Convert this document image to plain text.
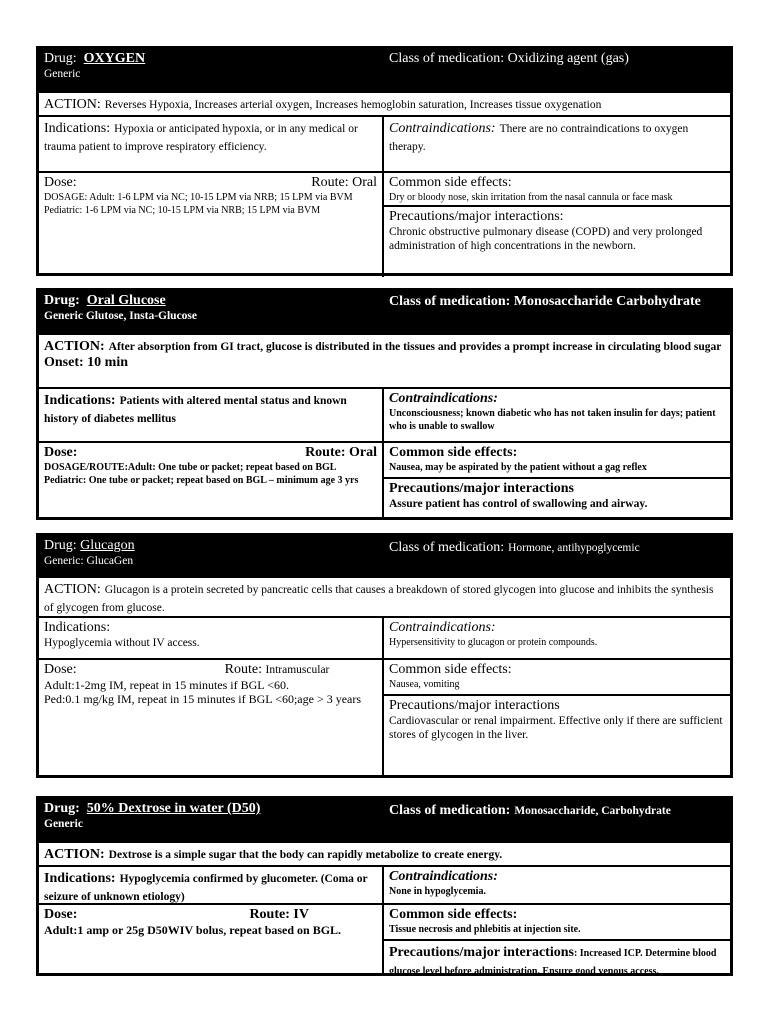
Drug: OXYGEN
Generic
Class of medication: Oxidizing agent (gas)
ACTION: Reverses Hypoxia, Increases arterial oxygen, Increases hemoglobin saturation, Increases tissue oxygenation
Indications: Hypoxia or anticipated hypoxia, or in any medical or trauma patient to improve respiratory efficiency.
Contraindications: There are no contraindications to oxygen therapy.
Dose:	Route: Oral
DOSAGE: Adult: 1-6 LPM via NC; 10-15 LPM via NRB; 15 LPM via BVM
Pediatric: 1-6 LPM via NC; 10-15 LPM via NRB; 15 LPM via BVM
Common side effects:
Dry or bloody nose, skin irritation from the nasal cannula or face mask
Precautions/major interactions:
Chronic obstructive pulmonary disease (COPD) and very prolonged administration of high concentrations in the newborn.
Drug: Oral Glucose
Generic Glutose, Insta-Glucose
Class of medication: Monosaccharide Carbohydrate
ACTION: After absorption from GI tract, glucose is distributed in the tissues and provides a prompt increase in circulating blood sugar
Onset: 10 min
Indications: Patients with altered mental status and known history of diabetes mellitus
Contraindications:
Unconsciousness; known diabetic who has not taken insulin for days; patient who is unable to swallow
Dose:	Route: Oral
DOSAGE/ROUTE:Adult: One tube or packet; repeat based on BGL
Pediatric: One tube or packet; repeat based on BGL – minimum age 3 yrs
Common side effects:
Nausea, may be aspirated by the patient without a gag reflex
Precautions/major interactions
Assure patient has control of swallowing and airway.
Drug: Glucagon
Generic: GlucaGen
Class of medication: Hormone, antihypoglycemic
ACTION: Glucagon is a protein secreted by pancreatic cells that causes a breakdown of stored glycogen into glucose and inhibits the synthesis of glycogen from glucose.
Indications:
Hypoglycemia without IV access.
Contraindications:
Hypersensitivity to glucagon or protein compounds.
Dose:	Route: Intramuscular
Adult:1-2mg IM, repeat in 15 minutes if BGL <60.
Ped:0.1 mg/kg IM, repeat in 15 minutes if BGL <60;age > 3 years
Common side effects:
Nausea, vomiting
Precautions/major interactions
Cardiovascular or renal impairment. Effective only if there are sufficient stores of glycogen in the liver.
Drug: 50% Dextrose in water (D50)
Generic
Class of medication: Monosaccharide, Carbohydrate
ACTION: Dextrose is a simple sugar that the body can rapidly metabolize to create energy.
Indications: Hypoglycemia confirmed by glucometer. (Coma or seizure of unknown etiology)
Contraindications:
None in hypoglycemia.
Dose:	Route: IV
Adult:1 amp or 25g D50WIV bolus, repeat based on BGL.
Common side effects:
Tissue necrosis and phlebitis at injection site.
Precautions/major interactions: Increased ICP. Determine blood glucose level before administration. Ensure good venous access.
